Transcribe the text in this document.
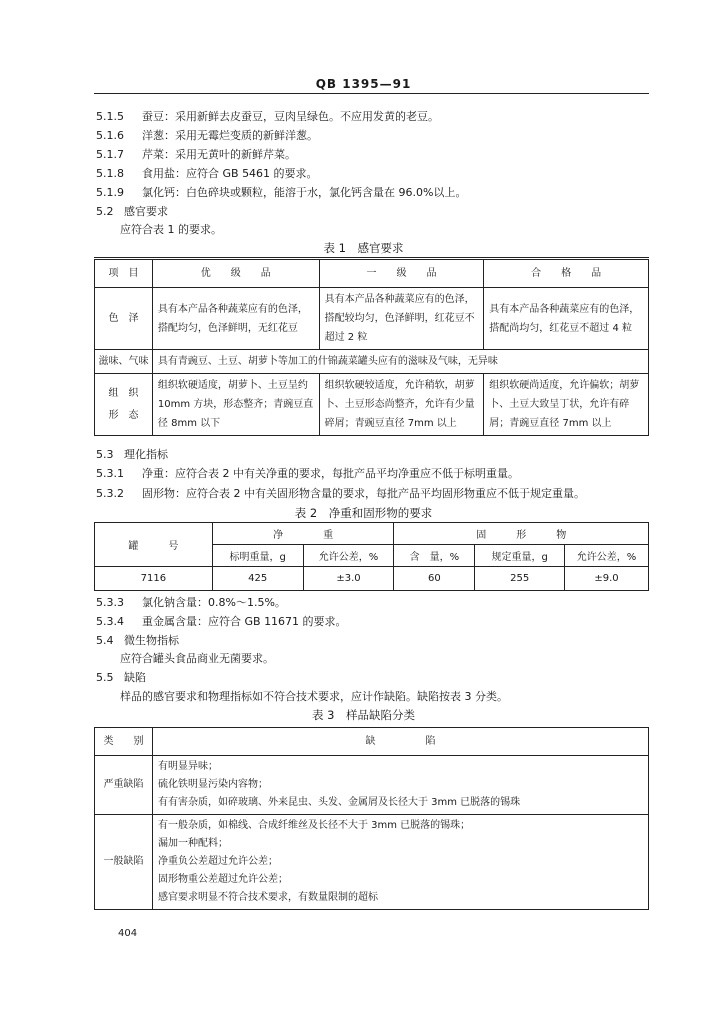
QB 1395—91
5.1.5 蚕豆：采用新鲜去皮蚕豆，豆肉呈绿色。不应用发黄的老豆。
5.1.6 洋葱：采用无霉烂变质的新鲜洋葱。
5.1.7 芹菜：采用无黄叶的新鲜芹菜。
5.1.8 食用盐：应符合 GB 5461 的要求。
5.1.9 氯化钙：白色碎块或颗粒，能溶于水，氯化钙含量在 96.0%以上。
5.2 感官要求
应符合表 1 的要求。
表 1　感官要求
项　目	优　　级　　品	一　　级　　品	合　　格　　品
色　泽	具有本产品各种蔬菜应有的色泽，搭配均匀，色泽鲜明，无红花豆	具有本产品各种蔬菜应有的色泽，搭配较均匀，色泽鲜明，红花豆不超过 2 粒	具有本产品各种蔬菜应有的色泽，搭配尚均匀，红花豆不超过 4 粒
滋味、气味	具有青豌豆、土豆、胡萝卜等加工的什锦蔬菜罐头应有的滋味及气味，无异味		
组　织
形　态	组织软硬适度，胡萝卜、土豆呈约 10mm 方块，形态整齐；青豌豆直径 8mm 以下	组织软硬较适度，允许稍软，胡萝卜、土豆形态尚整齐，允许有少量碎屑；青豌豆直径 7mm 以上	组织软硬尚适度，允许偏软；胡萝卜、土豆大致呈丁状，允许有碎屑；青豌豆直径 7mm 以上
5.3 理化指标
5.3.1 净重：应符合表 2 中有关净重的要求，每批产品平均净重应不低于标明重量。
5.3.2 固形物：应符合表 2 中有关固形物含量的要求，每批产品平均固形物重应不低于规定重量。
表 2　净重和固形物的要求
罐　　　号	净　　　　重		固　　　形　　　物		
	标明重量，g	允许公差，%	含　量，%	规定重量，g	允许公差，%
7116	425	±3.0	60	255	±9.0
5.3.3 氯化钠含量：0.8%～1.5%。
5.3.4 重金属含量：应符合 GB 11671 的要求。
5.4 微生物指标
应符合罐头食品商业无菌要求。
5.5 缺陷
样品的感官要求和物理指标如不符合技术要求，应计作缺陷。缺陷按表 3 分类。
表 3　样品缺陷分类
类　　别	缺　　　　　陷
严重缺陷	有明显异味；
硫化铁明显污染内容物；
有有害杂质，如碎玻璃、外来昆虫、头发、金属屑及长径大于 3mm 已脱落的锡珠

一般缺陷	有一般杂质，如棉线、合成纤维丝及长径不大于 3mm 已脱落的锡珠；
漏加一种配料；
净重负公差超过允许公差；
固形物重公差超过允许公差；
感官要求明显不符合技术要求，有数量限制的超标
404
